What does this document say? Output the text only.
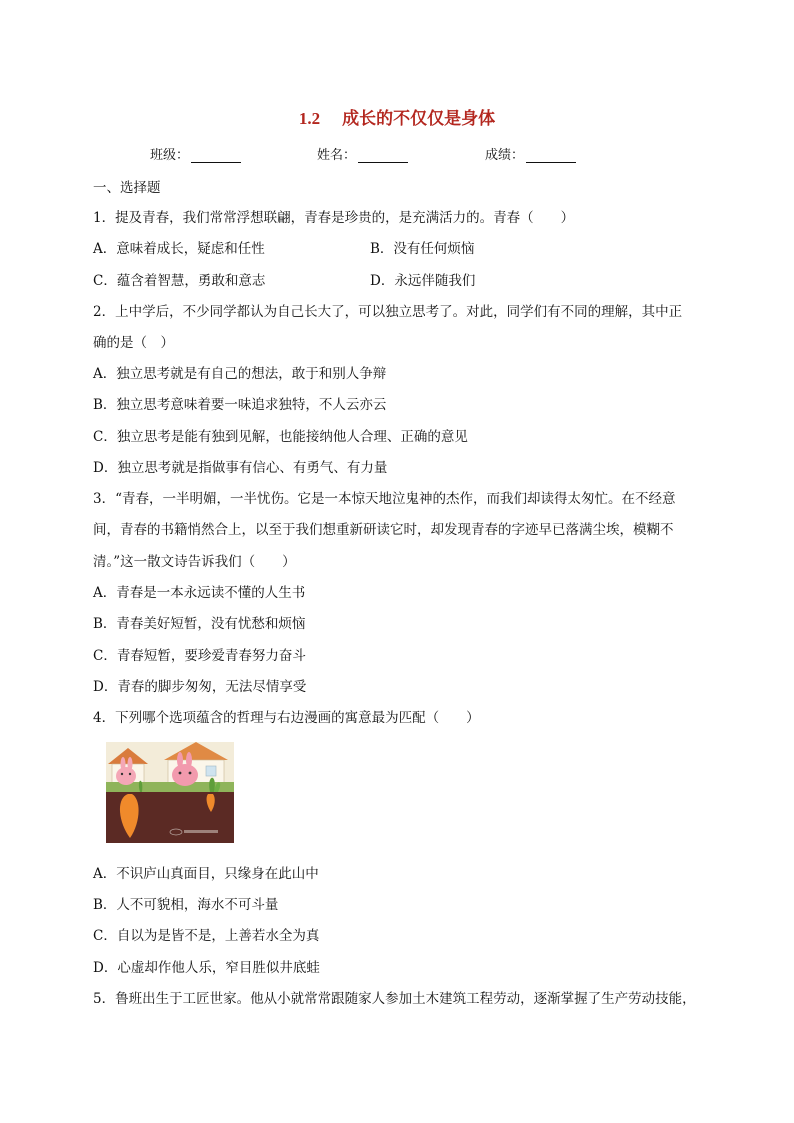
1.2 成长的不仅仅是身体
班级：	姓名：	成绩：
一、选择题
1．提及青春，我们常常浮想联翩，青春是珍贵的，是充满活力的。青春（　　）
A．意味着成长，疑虑和任性	B．没有任何烦恼
C．蕴含着智慧，勇敢和意志	D．永远伴随我们
2．上中学后，不少同学都认为自己长大了，可以独立思考了。对此，同学们有不同的理解，其中正
确的是（　）
A．独立思考就是有自己的想法，敢于和别人争辩
B．独立思考意味着要一味追求独特，不人云亦云
C．独立思考是能有独到见解，也能接纳他人合理、正确的意见
D．独立思考就是指做事有信心、有勇气、有力量
3．“青春，一半明媚，一半忧伤。它是一本惊天地泣鬼神的杰作，而我们却读得太匆忙。在不经意
间，青春的书籍悄然合上，以至于我们想重新研读它时，却发现青春的字迹早已落满尘埃，模糊不
清。”这一散文诗告诉我们（　　）
A．青春是一本永远读不懂的人生书
B．青春美好短暂，没有忧愁和烦恼
C．青春短暂，要珍爱青春努力奋斗
D．青春的脚步匆匆，无法尽情享受
4．下列哪个选项蕴含的哲理与右边漫画的寓意最为匹配（　　）
A．不识庐山真面目，只缘身在此山中
B．人不可貌相，海水不可斗量
C．自以为是皆不是，上善若水全为真
D．心虚却作他人乐，窄目胜似井底蛙
5．鲁班出生于工匠世家。他从小就常常跟随家人参加土木建筑工程劳动，逐渐掌握了生产劳动技能，
